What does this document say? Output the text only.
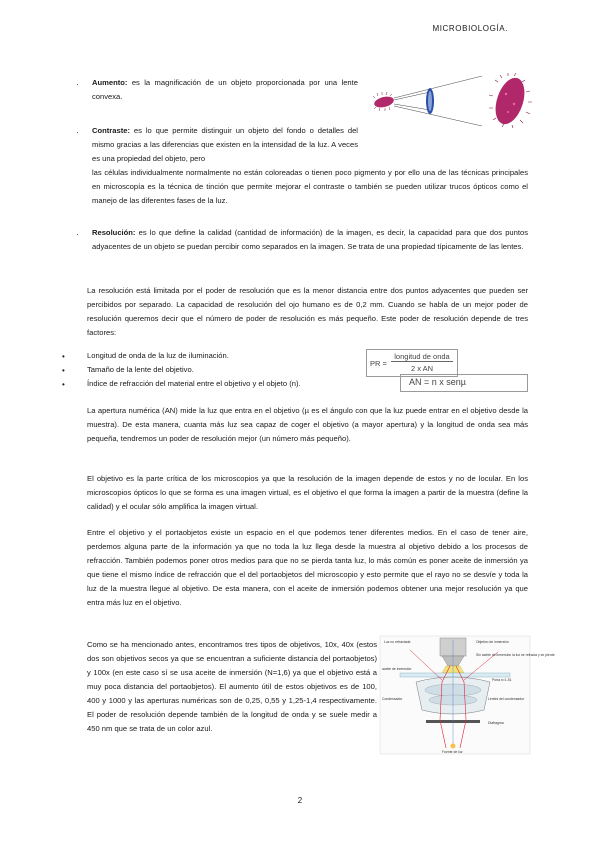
MICROBIOLOGÍA.
· Aumento: es la magnificación de un objeto proporcionada por una lente convexa.
· Contraste: es lo que permite distinguir un objeto del fondo o detalles del mismo gracias a las diferencias que existen en la intensidad de la luz. A veces es una propiedad del objeto, pero
las células individualmente normalmente no están coloreadas o tienen poco pigmento y por ello una de las técnicas principales en microscopía es la técnica de tinción que permite mejorar el contraste o también se pueden utilizar trucos ópticos como el manejo de las diferentes fases de la luz.
· Resolución: es lo que define la calidad (cantidad de información) de la imagen, es decir, la capacidad para que dos puntos adyacentes de un objeto se puedan percibir como separados en la imagen. Se trata de una propiedad típicamente de las lentes.
La resolución está limitada por el poder de resolución que es la menor distancia entre dos puntos adyacentes que pueden ser percibidos por separado. La capacidad de resolución del ojo humano es de 0,2 mm. Cuando se habla de un mejor poder de resolución queremos decir que el número de poder de resolución es más pequeño. Este poder de resolución depende de tres factores:
•	Longitud de onda de la luz de iluminación.
•	Tamaño de la lente del objetivo.
•	Índice de refracción del material entre el objetivo y el objeto (n).
PR =
longitud de onda
2 x AN
AN = n x senµ
La apertura numérica (AN) mide la luz que entra en el objetivo (µ es el ángulo con que la luz puede entrar en el objetivo desde la muestra). De esta manera, cuanta más luz sea capaz de coger el objetivo (a mayor apertura) y la longitud de onda sea más pequeña, tendremos un poder de resolución mejor (un número más pequeño).
El objetivo es la parte crítica de los microscopios ya que la resolución de la imagen depende de estos y no de locular. En los microscopios ópticos lo que se forma es una imagen virtual, es el objetivo el que forma la imagen a partir de la muestra (define la calidad) y el ocular sólo amplifica la imagen virtual.
Entre el objetivo y el portaobjetos existe un espacio en el que podemos tener diferentes medios. En el caso de tener aire, perdemos alguna parte de la información ya que no toda la luz llega desde la muestra al objetivo debido a los procesos de refracción. También podemos poner otros medios para que no se pierda tanta luz, lo más común es poner aceite de inmersión ya que tiene el mismo índice de refracción que el del portaobjetos del microscopio y esto permite que el rayo no se desvíe y toda la luz de la muestra llegue al objetivo. De esta manera, con el aceite de inmersión podemos obtener una mejor resolución ya que entra más luz en el objetivo.
Como se ha mencionado antes, encontramos tres tipos de objetivos, 10x, 40x (estos dos son objetivos secos ya que se encuentran a suficiente distancia del portaobjetos) y 100x (en este caso sí se usa aceite de inmersión (N=1,6) ya que el objetivo está a muy poca distancia del portaobjetos). El aumento útil de estos objetivos es de 100, 400 y 1000 y las aperturas numéricas son de 0,25, 0,55 y 1,25-1,4 respectivamente. El poder de resolución depende también de la longitud de onda y se suele medir a 450 nm que se trata de un color azul.
Luz no refractada	Objetivo de inmersión
Sin aceite de inmersión la luz se refracta y se pierde
aceite de inmersión
Porta n=1.51
Lentes del condensador
Condensador
Diafragma
Fuente de luz
2
